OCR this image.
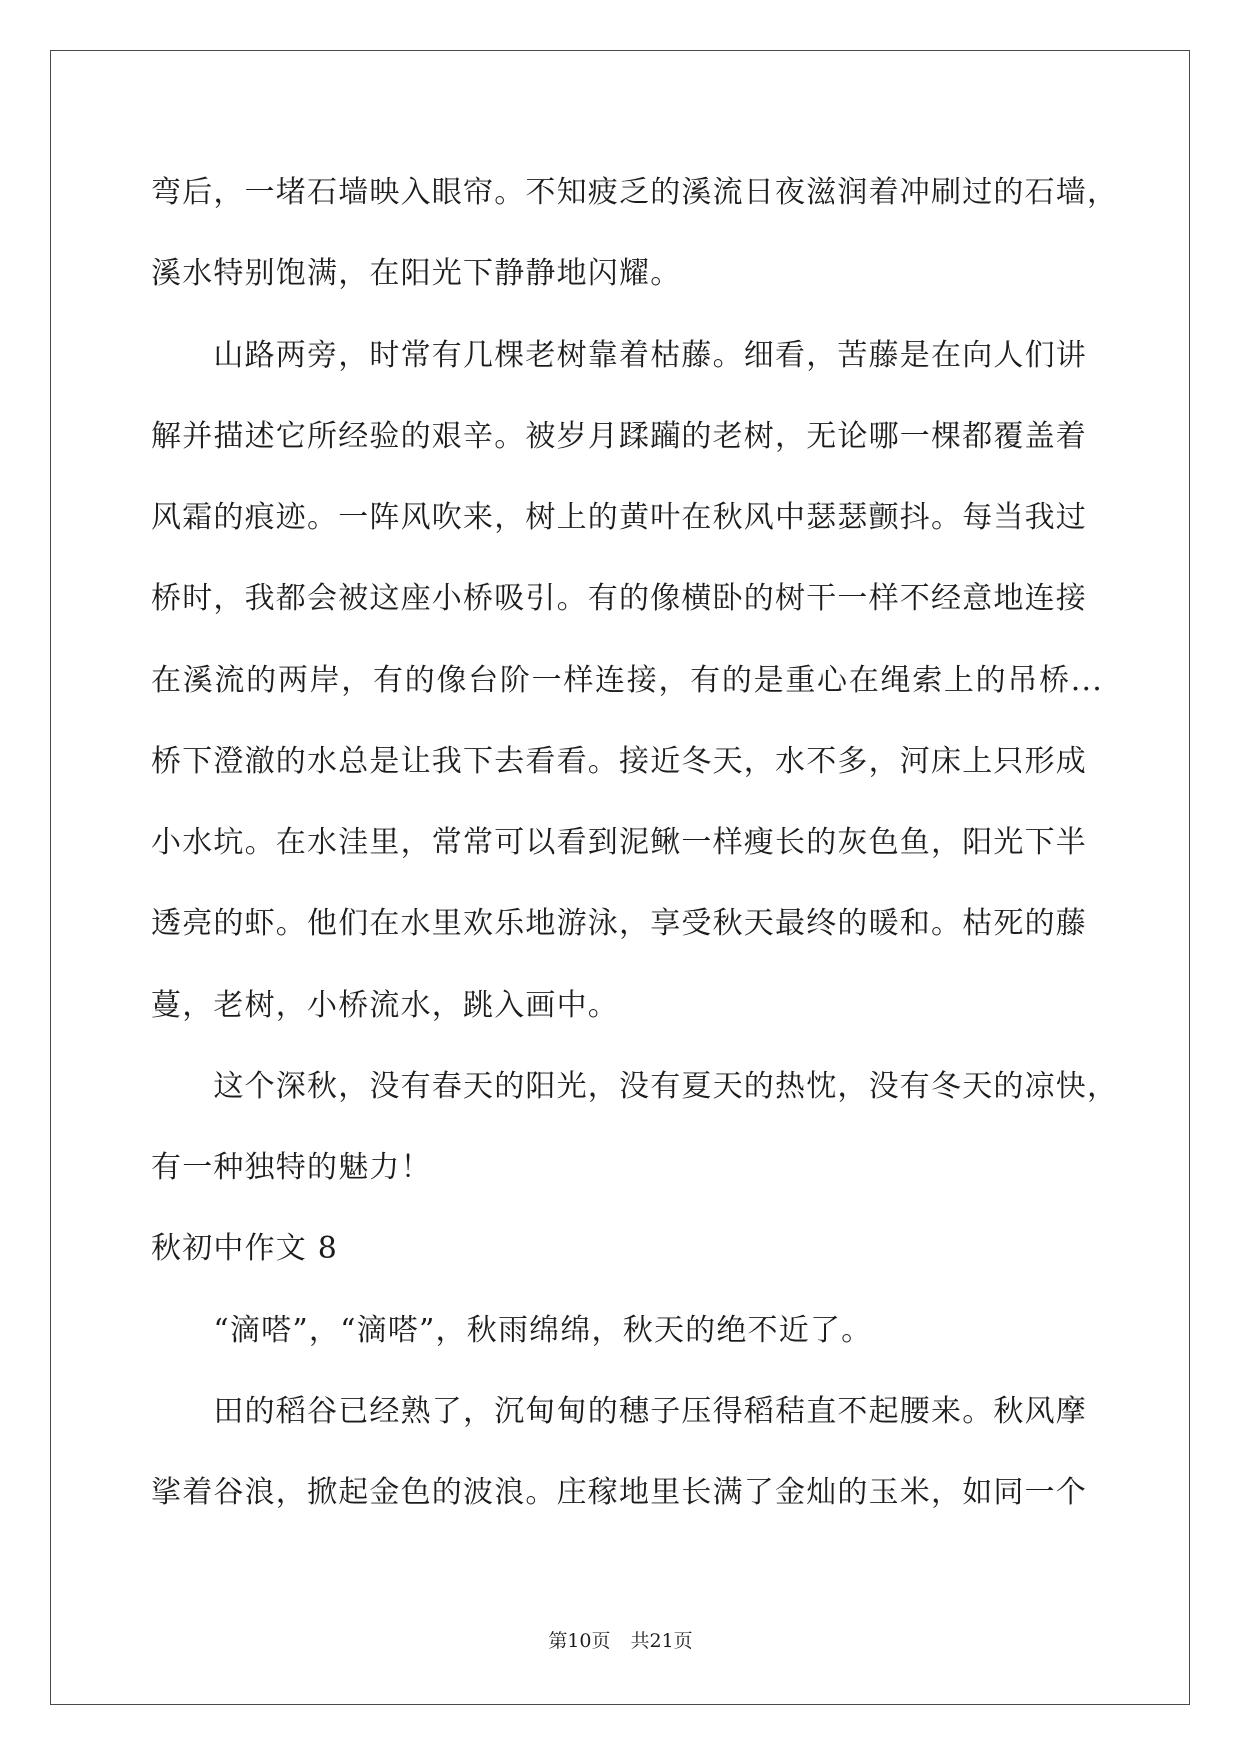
弯后，一堵石墙映入眼帘。不知疲乏的溪流日夜滋润着冲刷过的石墙，
溪水特别饱满，在阳光下静静地闪耀。
山路两旁，时常有几棵老树靠着枯藤。细看，苦藤是在向人们讲
解并描述它所经验的艰辛。被岁月蹂躏的老树，无论哪一棵都覆盖着
风霜的痕迹。一阵风吹来，树上的黄叶在秋风中瑟瑟颤抖。每当我过
桥时，我都会被这座小桥吸引。有的像横卧的树干一样不经意地连接
在溪流的两岸，有的像台阶一样连接，有的是重心在绳索上的吊桥...
桥下澄澈的水总是让我下去看看。接近冬天，水不多，河床上只形成
小水坑。在水洼里，常常可以看到泥鳅一样瘦长的灰色鱼，阳光下半
透亮的虾。他们在水里欢乐地游泳，享受秋天最终的暖和。枯死的藤
蔓，老树，小桥流水，跳入画中。
这个深秋，没有春天的阳光，没有夏天的热忱，没有冬天的凉快，
有一种独特的魅力！
秋初中作文 8
“滴嗒”，“滴嗒”，秋雨绵绵，秋天的绝不近了。
田的稻谷已经熟了，沉甸甸的穗子压得稻秸直不起腰来。秋风摩
挲着谷浪，掀起金色的波浪。庄稼地里长满了金灿的玉米，如同一个
第10页 共21页
